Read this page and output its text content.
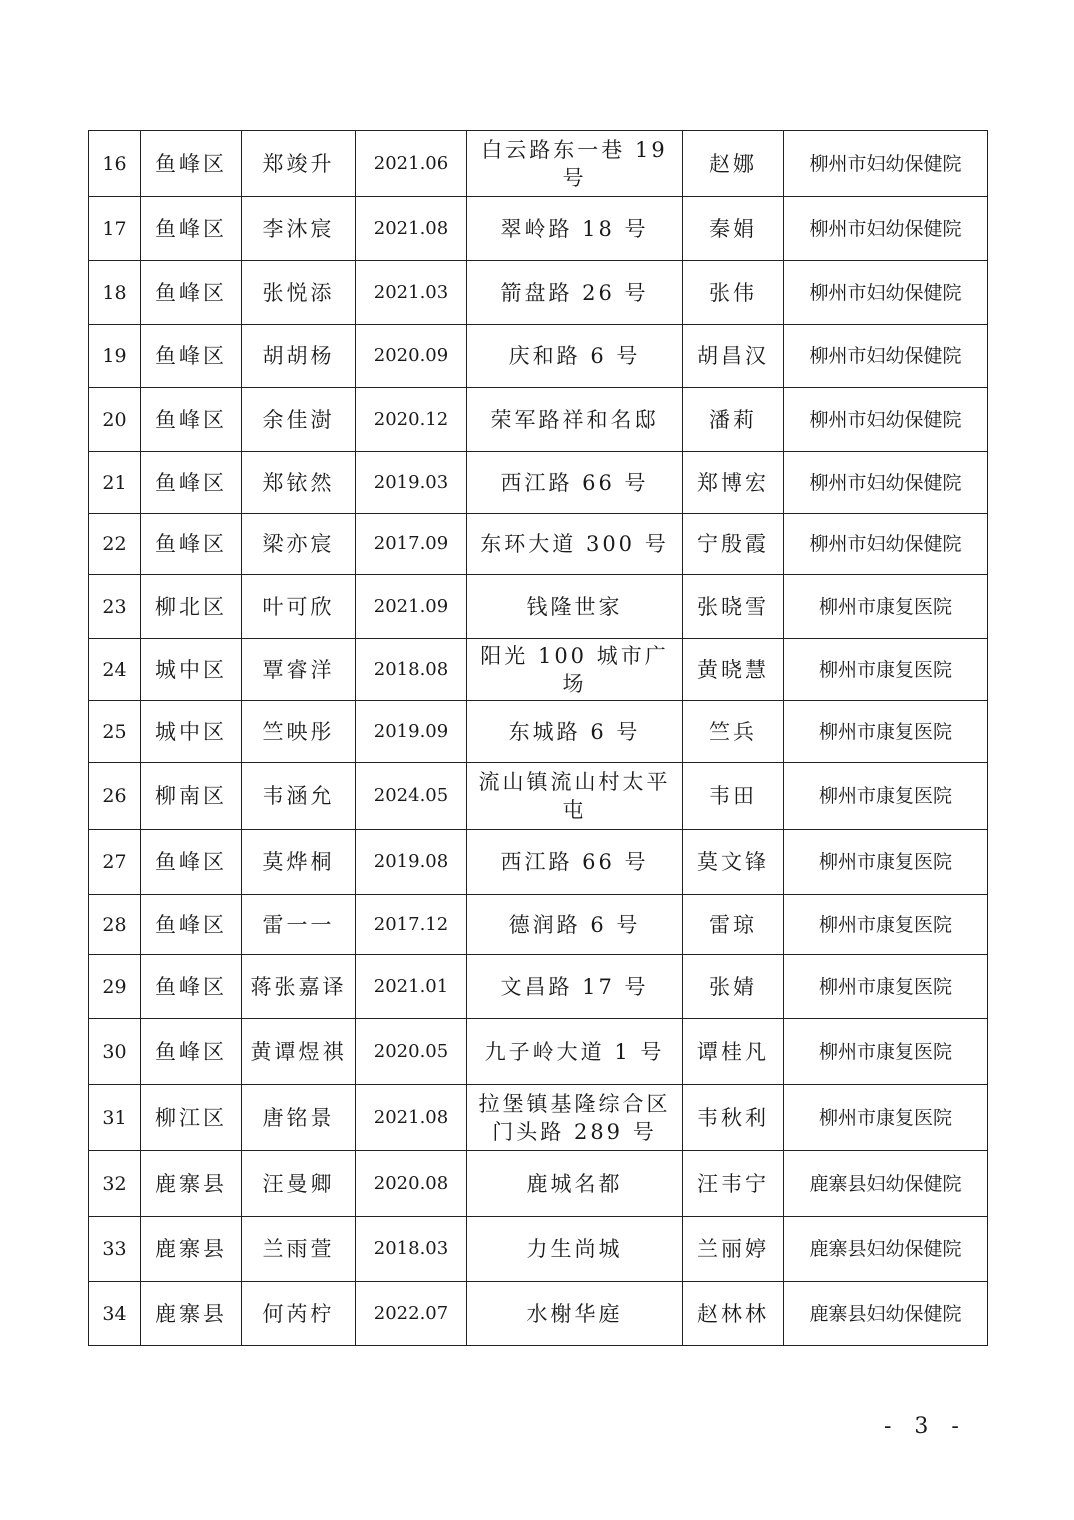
16	鱼峰区	郑竣升	2021.06	白云路东一巷 19 号	赵娜	柳州市妇幼保健院
17	鱼峰区	李沐宸	2021.08	翠岭路 18 号	秦娟	柳州市妇幼保健院
18	鱼峰区	张悦添	2021.03	箭盘路 26 号	张伟	柳州市妇幼保健院
19	鱼峰区	胡胡杨	2020.09	庆和路 6 号	胡昌汉	柳州市妇幼保健院
20	鱼峰区	余佳澍	2020.12	荣军路祥和名邸	潘莉	柳州市妇幼保健院
21	鱼峰区	郑铱然	2019.03	西江路 66 号	郑博宏	柳州市妇幼保健院
22	鱼峰区	梁亦宸	2017.09	东环大道 300 号	宁殷霞	柳州市妇幼保健院
23	柳北区	叶可欣	2021.09	钱隆世家	张晓雪	柳州市康复医院
24	城中区	覃睿洋	2018.08	阳光 100 城市广场	黄晓慧	柳州市康复医院
25	城中区	竺映彤	2019.09	东城路 6 号	竺兵	柳州市康复医院
26	柳南区	韦涵允	2024.05	流山镇流山村太平屯	韦田	柳州市康复医院
27	鱼峰区	莫烨桐	2019.08	西江路 66 号	莫文锋	柳州市康复医院
28	鱼峰区	雷一一	2017.12	德润路 6 号	雷琼	柳州市康复医院
29	鱼峰区	蒋张嘉译	2021.01	文昌路 17 号	张婧	柳州市康复医院
30	鱼峰区	黄谭煜祺	2020.05	九子岭大道 1 号	谭桂凡	柳州市康复医院
31	柳江区	唐铭景	2021.08	拉堡镇基隆综合区门头路 289 号	韦秋利	柳州市康复医院
32	鹿寨县	汪曼卿	2020.08	鹿城名都	汪韦宁	鹿寨县妇幼保健院
33	鹿寨县	兰雨萱	2018.03	力生尚城	兰丽婷	鹿寨县妇幼保健院
34	鹿寨县	何芮柠	2022.07	水榭华庭	赵林林	鹿寨县妇幼保健院
- 3 -
